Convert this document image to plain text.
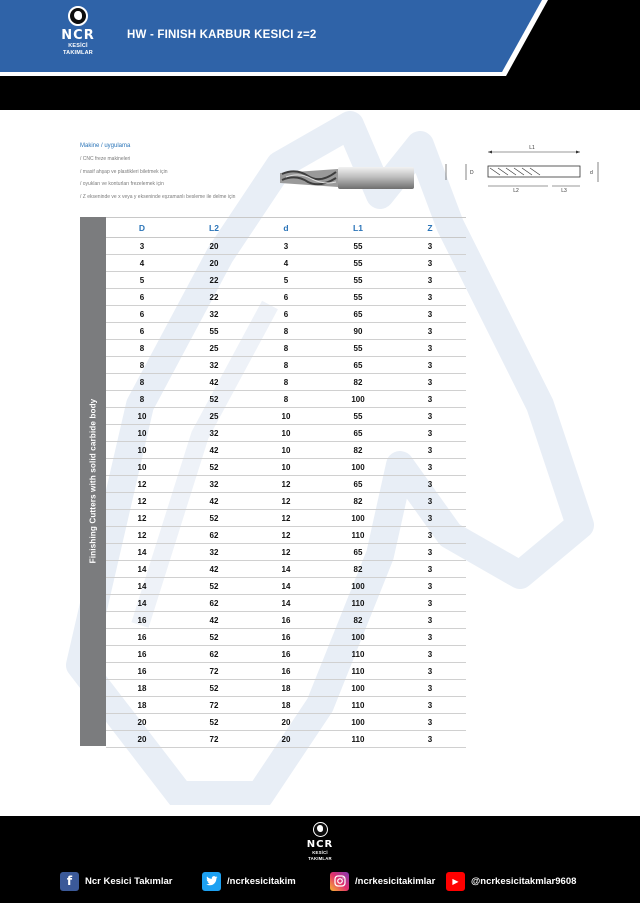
NCR
KESİCİ TAKIMLAR
HW - FINISH KARBUR KESICI z=2
Makine / uygulama
/ CNC freze makineleri
/ masif ahşap ve plastikleri biletmek için
/ oyukları ve konturları frezelemek için
/ Z ekseninde ve x veya y ekseninde eşzamanlı besleme ile delme için
L1
L2	L3
D	d
Finishing Cutters with solid carbide body
D	L2	d	L1	Z
3	20	3	55	3
4	20	4	55	3
5	22	5	55	3
6	22	6	55	3
6	32	6	65	3
6	55	8	90	3
8	25	8	55	3
8	32	8	65	3
8	42	8	82	3
8	52	8	100	3
10	25	10	55	3
10	32	10	65	3
10	42	10	82	3
10	52	10	100	3
12	32	12	65	3
12	42	12	82	3
12	52	12	100	3
12	62	12	110	3
14	32	12	65	3
14	42	14	82	3
14	52	14	100	3
14	62	14	110	3
16	42	16	82	3
16	52	16	100	3
16	62	16	110	3
16	72	16	110	3
18	52	18	100	3
18	72	18	110	3
20	52	20	100	3
20	72	20	110	3
NCR
KESİCİ TAKIMLAR
f	Ncr Kesici Takımlar	/ncrkesicitakim	/ncrkesicitakimlar	▶	@ncrkesicitakmlar9608
